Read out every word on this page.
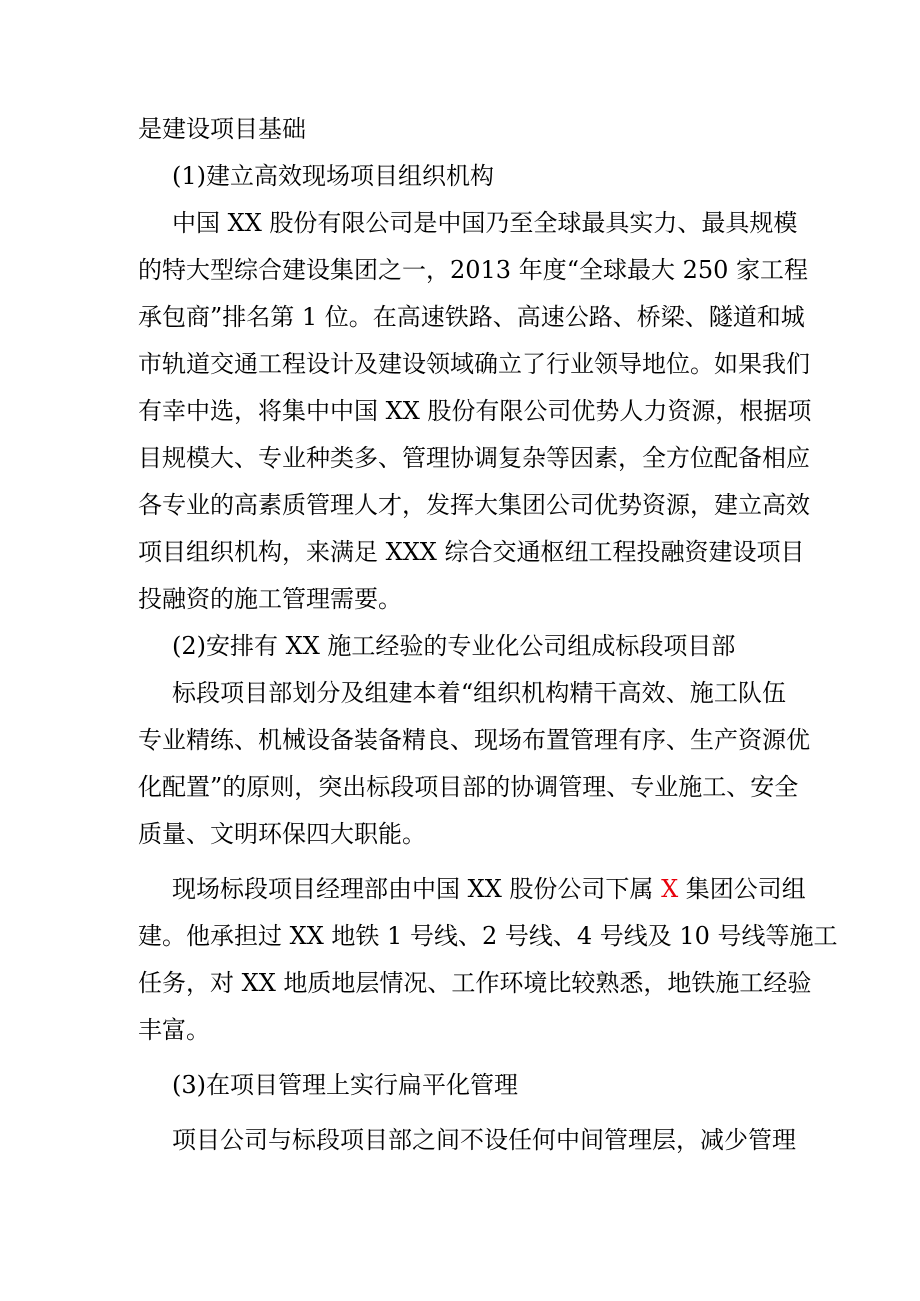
是建设项目基础
(1)建立高效现场项目组织机构
中国 XX 股份有限公司是中国乃至全球最具实力、最具规模
的特大型综合建设集团之一，2013 年度“全球最大 250 家工程
承包商”排名第 1 位。在高速铁路、高速公路、桥梁、隧道和城
市轨道交通工程设计及建设领域确立了行业领导地位。如果我们
有幸中选，将集中中国 XX 股份有限公司优势人力资源，根据项
目规模大、专业种类多、管理协调复杂等因素，全方位配备相应
各专业的高素质管理人才，发挥大集团公司优势资源，建立高效
项目组织机构，来满足 XXX 综合交通枢纽工程投融资建设项目
投融资的施工管理需要。
(2)安排有 XX 施工经验的专业化公司组成标段项目部
标段项目部划分及组建本着“组织机构精干高效、施工队伍
专业精练、机械设备装备精良、现场布置管理有序、生产资源优
化配置”的原则，突出标段项目部的协调管理、专业施工、安全
质量、文明环保四大职能。
现场标段项目经理部由中国 XX 股份公司下属 X 集团公司组
建。他承担过 XX 地铁 1 号线、2 号线、4 号线及 10 号线等施工
任务，对 XX 地质地层情况、工作环境比较熟悉，地铁施工经验
丰富。
(3)在项目管理上实行扁平化管理
项目公司与标段项目部之间不设任何中间管理层，减少管理
